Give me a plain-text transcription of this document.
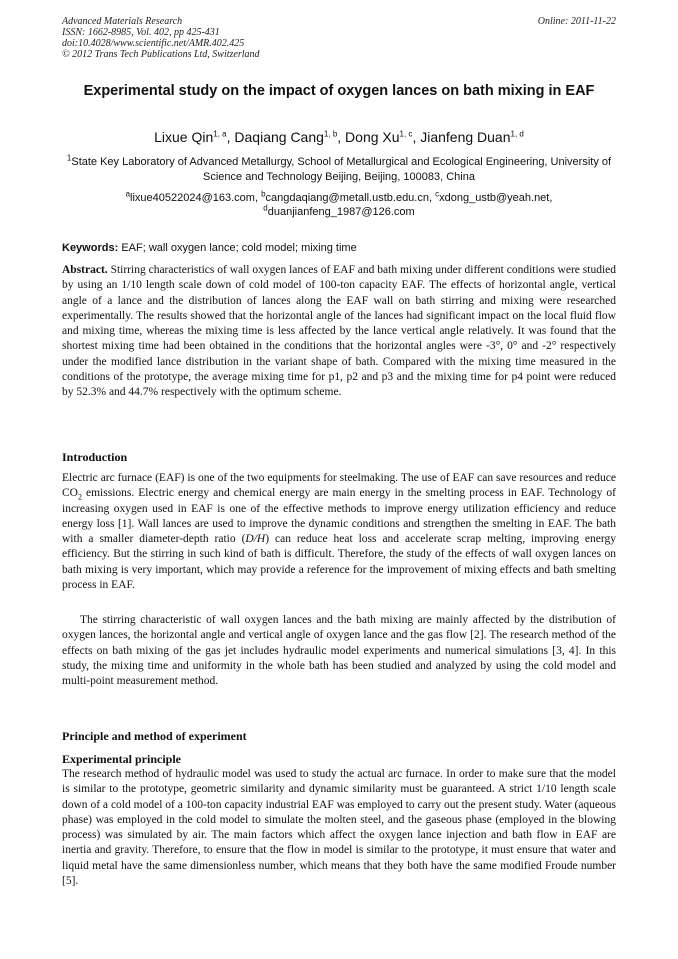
Advanced Materials Research
ISSN: 1662-8985, Vol. 402, pp 425-431
doi:10.4028/www.scientific.net/AMR.402.425
© 2012 Trans Tech Publications Ltd, Switzerland
Online: 2011-11-22
Experimental study on the impact of oxygen lances on bath mixing in EAF
Lixue Qin$^{1, a}$, Daqiang Cang$^{1, b}$, Dong Xu$^{1, c}$, Jianfeng Duan$^{1, d}$
$^1$State Key Laboratory of Advanced Metallurgy, School of Metallurgical and Ecological Engineering, University of Science and Technology Beijing, Beijing, 100083, China
$^a$lixue40522024@163.com, $^b$cangdaqiang@metall.ustb.edu.cn, $^c$xdong_ustb@yeah.net,
$^d$duanjianfeng_1987@126.com
Keywords: EAF; wall oxygen lance; cold model; mixing time
Abstract. Stirring characteristics of wall oxygen lances of EAF and bath mixing under different conditions were studied by using an 1/10 length scale down of cold model of 100-ton capacity EAF. The effects of horizontal angle, vertical angle of a lance and the distribution of lances along the EAF wall on bath stirring and mixing were researched experimentally. The results showed that the horizontal angle of the lances had significant impact on the local fluid flow and mixing time, whereas the mixing time is less affected by the lance vertical angle relatively. It was found that the shortest mixing time had been obtained in the conditions that the horizontal angles were -3°, 0° and -2° respectively under the modified lance distribution in the variant shape of bath. Compared with the mixing time measured in the conditions of the prototype, the average mixing time for p1, p2 and p3 and the mixing time for p4 point were reduced by 52.3% and 44.7% respectively with the optimum scheme.
Introduction
Electric arc furnace (EAF) is one of the two equipments for steelmaking. The use of EAF can save resources and reduce $CO_2$ emissions. Electric energy and chemical energy are main energy in the smelting process in EAF. Technology of increasing oxygen used in EAF is one of the effective methods to improve energy utilization efficiency and reduce energy loss [1]. Wall lances are used to improve the dynamic conditions and strengthen the smelting in EAF. The bath with a smaller diameter-depth ratio (D/H) can reduce heat loss and accelerate scrap melting, improving energy efficiency. But the stirring in such kind of bath is difficult. Therefore, the study of the effects of wall oxygen lances on bath mixing is very important, which may provide a reference for the improvement of mixing effects and bath smelting process in EAF.
The stirring characteristic of wall oxygen lances and the bath mixing are mainly affected by the distribution of oxygen lances, the horizontal angle and vertical angle of oxygen lance and the gas flow [2]. The research method of the effects on bath mixing of the gas jet includes hydraulic model experiments and numerical simulations [3, 4]. In this study, the mixing time and uniformity in the whole bath has been studied and analyzed by using the cold model and multi-point measurement method.
Principle and method of experiment
Experimental principle
The research method of hydraulic model was used to study the actual arc furnace. In order to make sure that the model is similar to the prototype, geometric similarity and dynamic similarity must be guaranteed. A strict 1/10 length scale down of a cold model of a 100-ton capacity industrial EAF was employed to carry out the present study. Water (aqueous phase) was employed in the cold model to simulate the molten steel, and the gaseous phase (employed in the blowing process) was simulated by air. The main factors which affect the oxygen lance injection and bath flow in EAF are inertia and gravity. Therefore, to ensure that the flow in model is similar to the prototype, it must ensure that water and liquid metal have the same dimensionless number, which means that they both have the same modified Froude number [5].
